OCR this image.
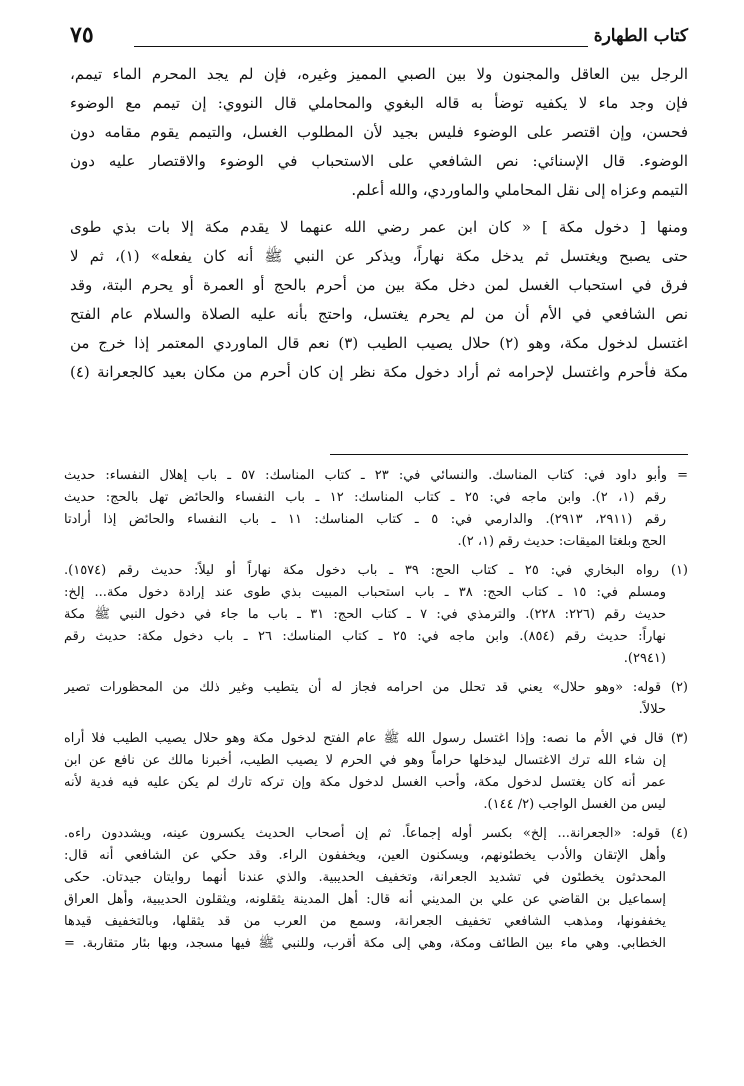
كتاب الطهارة
٧٥
الرجل بين العاقل والمجنون ولا بين الصبي المميز وغيره، فإن لم يجد المحرم الماء تيمم،
فإن وجد ماء لا يكفيه توضأ به قاله البغوي والمحاملي قال النووي: إن تيمم مع الوضوء
فحسن، وإن اقتصر على الوضوء فليس بجيد لأن المطلوب الغسل، والتيمم يقوم مقامه دون
الوضوء. قال الإسنائي: نص الشافعي على الاستحباب في الوضوء والاقتصار عليه دون
التيمم وعزاه إلى نقل المحاملي والماوردي، والله أعلم.
ومنها [ دخول مكة ] « كان ابن عمر رضي الله عنهما لا يقدم مكة إلا بات بذي طوى
حتى يصبح ويغتسل ثم يدخل مكة نهاراً، ويذكر عن النبي ﷺ أنه كان يفعله» (١)، ثم لا
فرق في استحباب الغسل لمن دخل مكة بين من أحرم بالحج أو العمرة أو يحرم البتة، وقد
نص الشافعي في الأم أن من لم يحرم يغتسل، واحتج بأنه عليه الصلاة والسلام عام الفتح
اغتسل لدخول مكة، وهو (٢) حلال يصيب الطيب (٣) نعم قال الماوردي المعتمر إذا خرج من
مكة فأحرم واغتسل لإحرامه ثم أراد دخول مكة نظر إن كان أحرم من مكان بعيد كالجعرانة (٤)
= وأبو داود في: كتاب المناسك. والنسائي في: ٢٣ ـ كتاب المناسك: ٥٧ ـ باب إهلال النفساء: حديث
رقم (١، ٢). وابن ماجه في: ٢٥ ـ كتاب المناسك: ١٢ ـ باب النفساء والحائض تهل بالحج: حديث
رقم (٢٩١١، ٢٩١٣). والدارمي في: ٥ ـ كتاب المناسك: ١١ ـ باب النفساء والحائض إذا أرادتا
الحج وبلغتا الميقات: حديث رقم (١، ٢).
(١) رواه البخاري في: ٢٥ ـ كتاب الحج: ٣٩ ـ باب دخول مكة نهاراً أو ليلاً: حديث رقم (١٥٧٤).
ومسلم في: ١٥ ـ كتاب الحج: ٣٨ ـ باب استحباب المبيت بذي طوى عند إرادة دخول مكة... إلخ:
حديث رقم (٢٢٦: ٢٢٨). والترمذي في: ٧ ـ كتاب الحج: ٣١ ـ باب ما جاء في دخول النبي ﷺ مكة
نهاراً: حديث رقم (٨٥٤). وابن ماجه في: ٢٥ ـ كتاب المناسك: ٢٦ ـ باب دخول مكة: حديث رقم
(٢٩٤١).
(٢) قوله: «وهو حلال» يعني قد تحلل من احرامه فجاز له أن يتطيب وغير ذلك من المحظورات تصير
حلالاً.
(٣) قال في الأم ما نصه: وإذا اغتسل رسول الله ﷺ عام الفتح لدخول مكة وهو حلال يصيب الطيب فلا أراه
إن شاء الله ترك الاغتسال ليدخلها حراماً وهو في الحرم لا يصيب الطيب، أخبرنا مالك عن نافع عن ابن
عمر أنه كان يغتسل لدخول مكة، وأحب الغسل لدخول مكة وإن تركه تارك لم يكن عليه فيه فدية لأنه
ليس من الغسل الواجب (٢/ ١٤٤).
(٤) قوله: «الجعرانة... إلخ» بكسر أوله إجماعاً. ثم إن أصحاب الحديث يكسرون عينه، ويشددون راءه.
وأهل الإتقان والأدب يخطئونهم، ويسكنون العين، ويخففون الراء. وقد حكي عن الشافعي أنه قال:
المحدثون يخطئون في تشديد الجعرانة، وتخفيف الحديبية. والذي عندنا أنهما روايتان جيدتان. حكى
إسماعيل بن القاضي عن علي بن المديني أنه قال: أهل المدينة يثقلونه، ويثقلون الحديبية، وأهل العراق
يخففونها، ومذهب الشافعي تخفيف الجعرانة، وسمع من العرب من قد يثقلها، وبالتخفيف قيدها
الخطابي. وهي ماء بين الطائف ومكة، وهي إلى مكة أقرب، وللنبي ﷺ فيها مسجد، وبها بئار متقاربة. =
